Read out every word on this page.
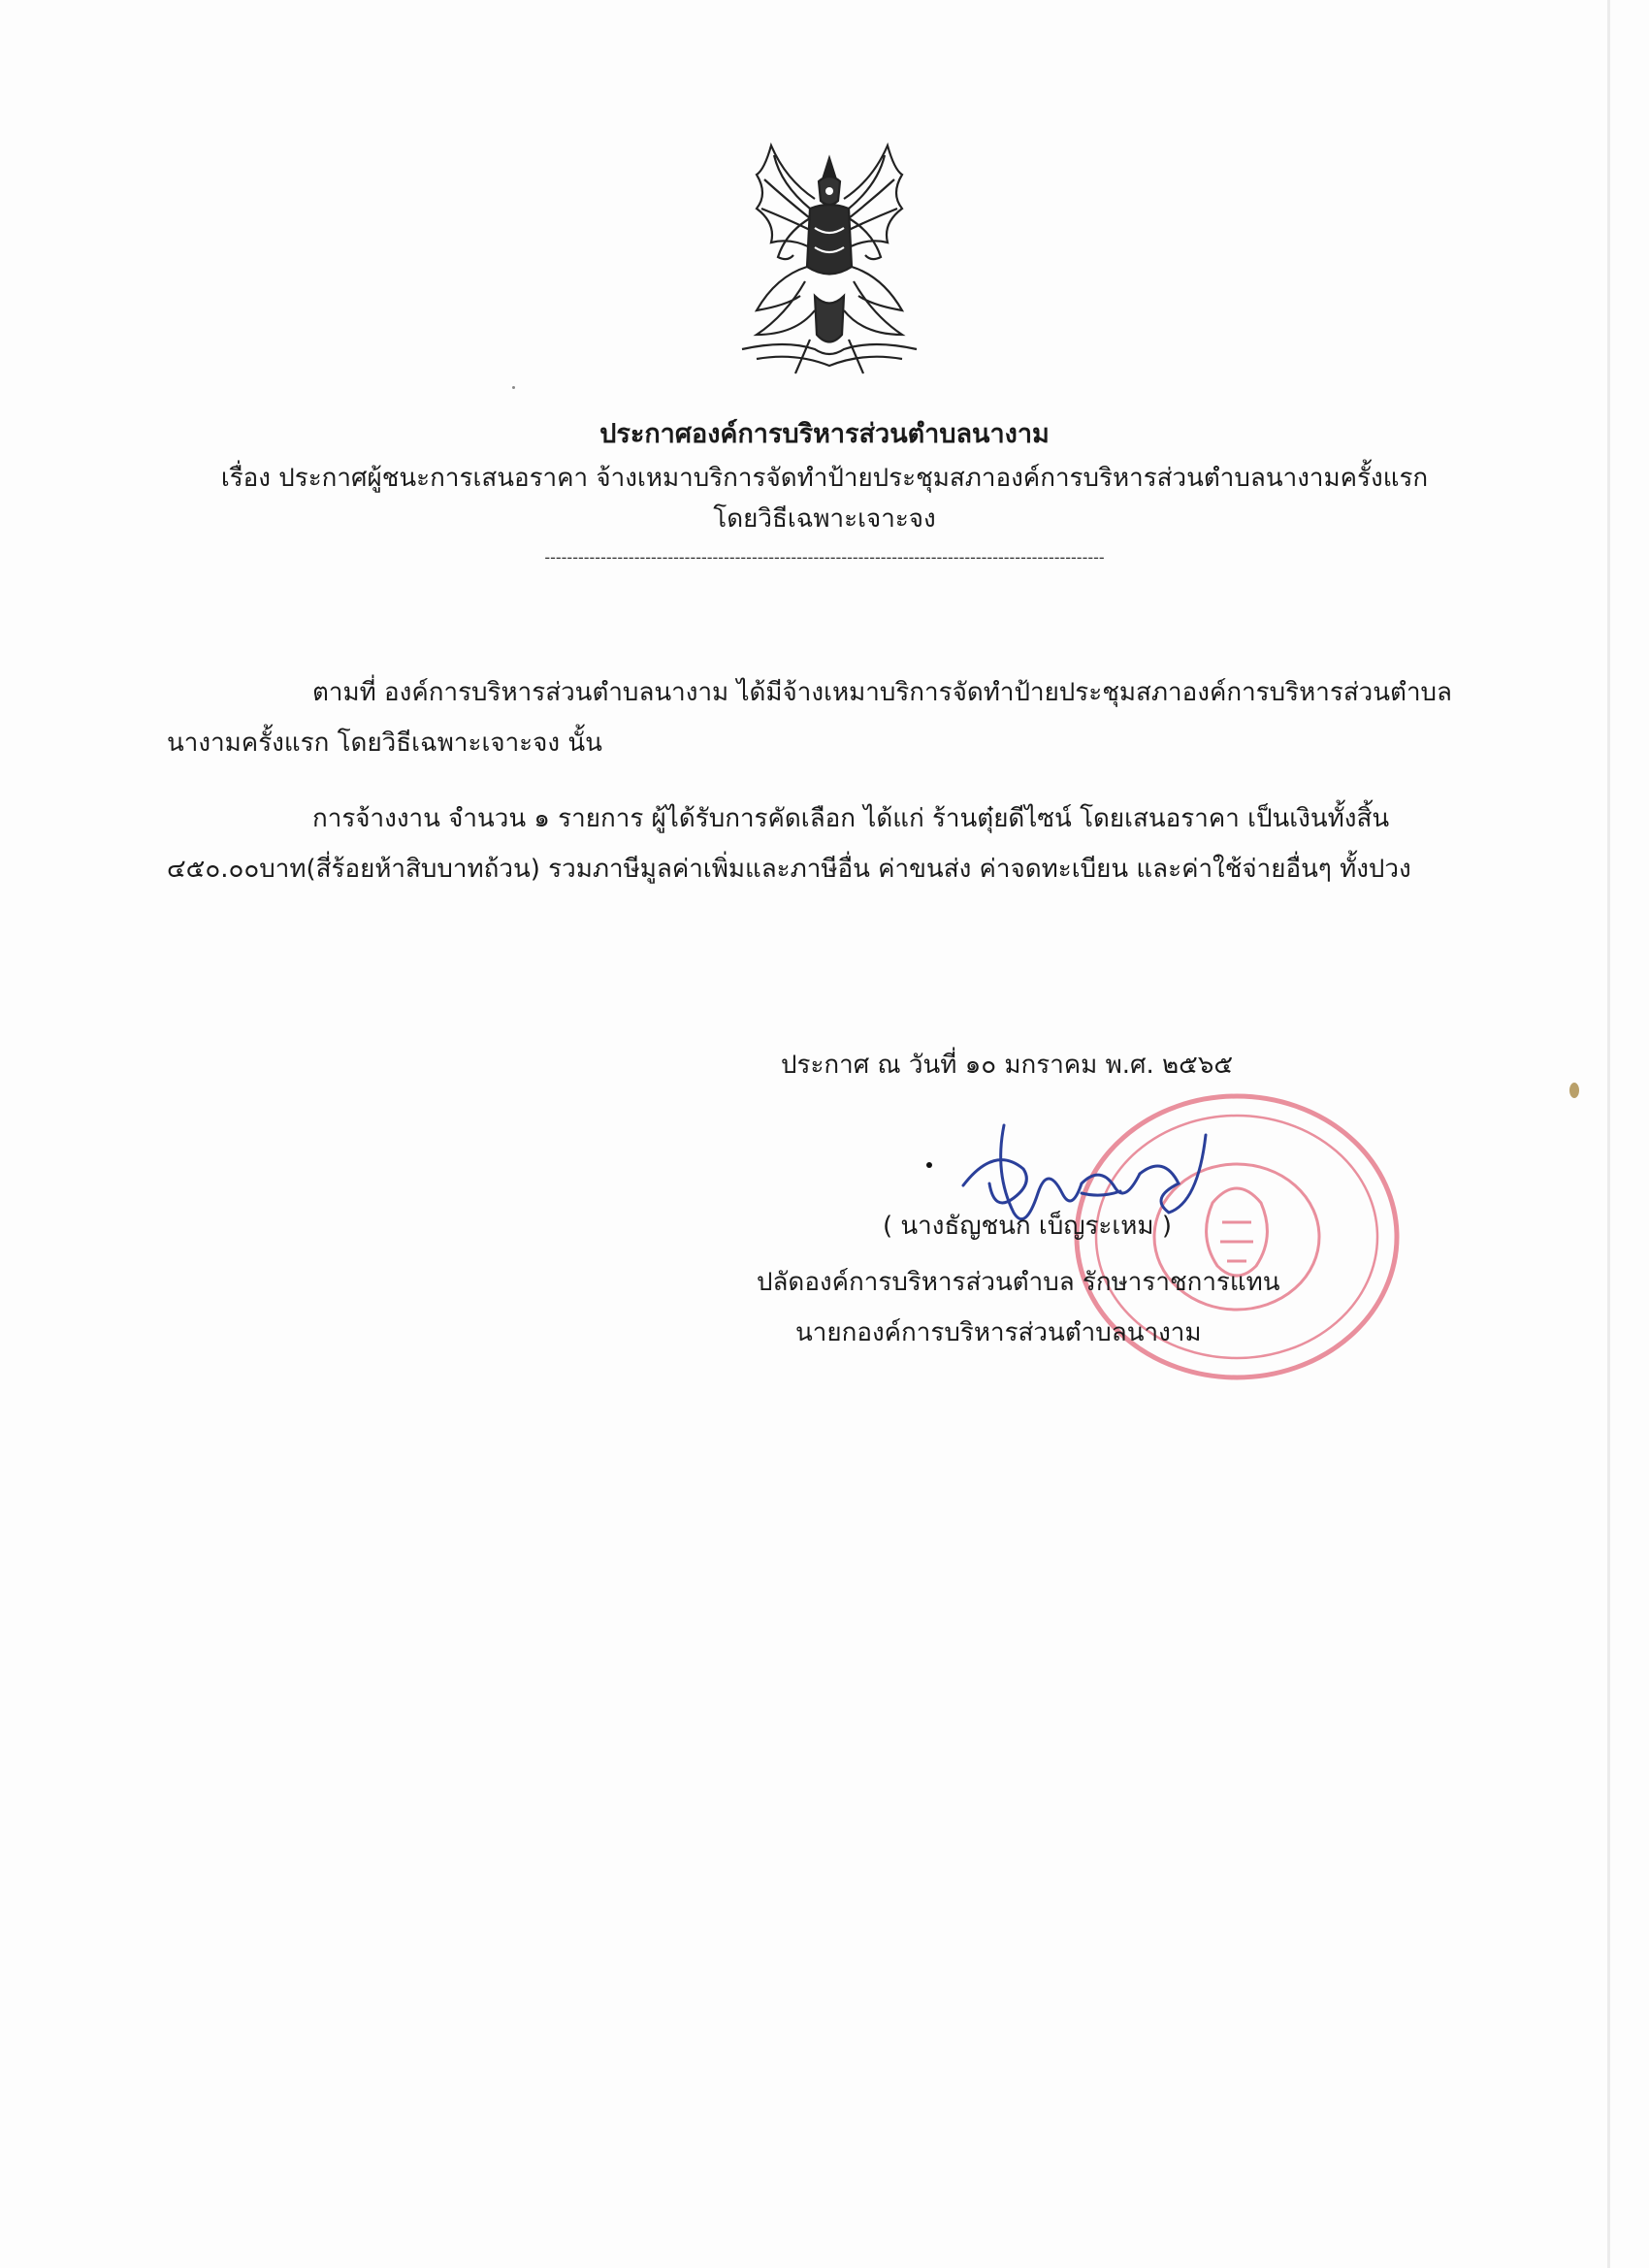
ประกาศองค์การบริหารส่วนตำบลนางาม
เรื่อง ประกาศผู้ชนะการเสนอราคา จ้างเหมาบริการจัดทำป้ายประชุมสภาองค์การบริหารส่วนตำบลนางามครั้งแรก
โดยวิธีเฉพาะเจาะจง
----------------------------------------------------------------------------------------------------
ตามที่ องค์การบริหารส่วนตำบลนางาม ได้มีจ้างเหมาบริการจัดทำป้ายประชุมสภาองค์การบริหารส่วนตำบลนางามครั้งแรก โดยวิธีเฉพาะเจาะจง นั้น
การจ้างงาน จำนวน ๑ รายการ ผู้ได้รับการคัดเลือก ได้แก่ ร้านตุ๋ยดีไซน์ โดยเสนอราคา เป็นเงินทั้งสิ้น ๔๕๐.๐๐บาท(สี่ร้อยห้าสิบบาทถ้วน) รวมภาษีมูลค่าเพิ่มและภาษีอื่น ค่าขนส่ง ค่าจดทะเบียน และค่าใช้จ่ายอื่นๆ ทั้งปวง
ประกาศ ณ วันที่ ๑๐ มกราคม พ.ศ. ๒๕๖๕
( นางธัญชนก เบ็ญระเหม )
ปลัดองค์การบริหารส่วนตำบล รักษาราชการแทน
นายกองค์การบริหารส่วนตำบลนางาม
